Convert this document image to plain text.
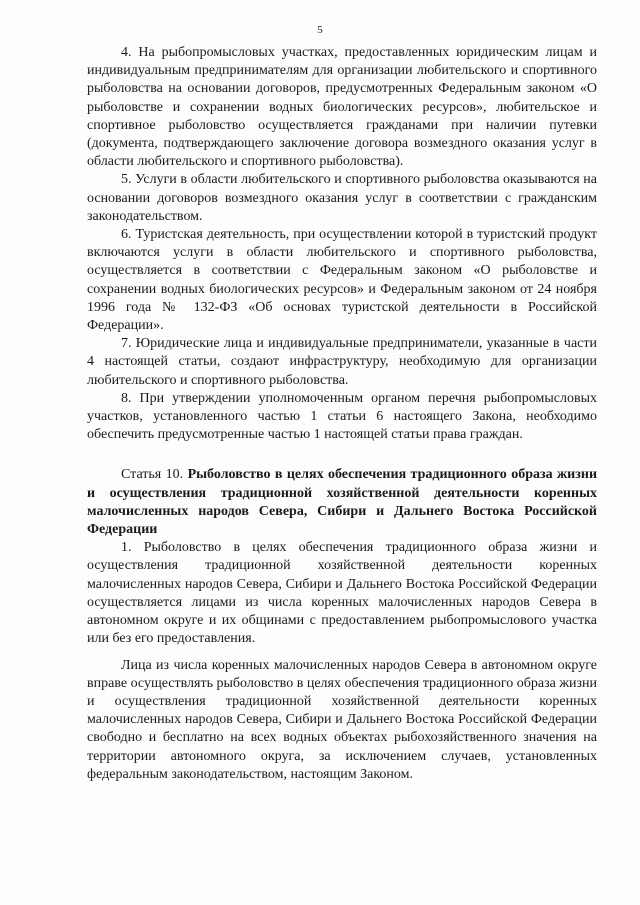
5

4. На рыбопромысловых участках, предоставленных юридическим лицам и индивидуальным предпринимателям для организации любительского и спортивного рыболовства на основании договоров, предусмотренных Федеральным законом «О рыболовстве и сохранении водных биологических ресурсов», любительское и спортивное рыболовство осуществляется гражданами при наличии путевки (документа, подтверждающего заключение договора возмездного оказания услуг в области любительского и спортивного рыболовства).

5. Услуги в области любительского и спортивного рыболовства оказываются на основании договоров возмездного оказания услуг в соответствии с гражданским законодательством.

6. Туристская деятельность, при осуществлении которой в туристский продукт включаются услуги в области любительского и спортивного рыболовства, осуществляется в соответствии с Федеральным законом «О рыболовстве и сохранении водных биологических ресурсов» и Федеральным законом от 24 ноября 1996 года № 132-ФЗ «Об основах туристской деятельности в Российской Федерации».

7. Юридические лица и индивидуальные предприниматели, указанные в части 4 настоящей статьи, создают инфраструктуру, необходимую для организации любительского и спортивного рыболовства.

8. При утверждении уполномоченным органом перечня рыбопромысловых участков, установленного частью 1 статьи 6 настоящего Закона, необходимо обеспечить предусмотренные частью 1 настоящей статьи права граждан.

Статья 10. Рыболовство в целях обеспечения традиционного образа жизни и осуществления традиционной хозяйственной деятельности коренных малочисленных народов Севера, Сибири и Дальнего Востока Российской Федерации

1. Рыболовство в целях обеспечения традиционного образа жизни и осуществления традиционной хозяйственной деятельности коренных малочисленных народов Севера, Сибири и Дальнего Востока Российской Федерации осуществляется лицами из числа коренных малочисленных народов Севера в автономном округе и их общинами с предоставлением рыбопромыслового участка или без его предоставления.

Лица из числа коренных малочисленных народов Севера в автономном округе вправе осуществлять рыболовство в целях обеспечения традиционного образа жизни и осуществления традиционной хозяйственной деятельности коренных малочисленных народов Севера, Сибири и Дальнего Востока Российской Федерации свободно и бесплатно на всех водных объектах рыбохозяйственного значения на территории автономного округа, за исключением случаев, установленных федеральным законодательством, настоящим Законом.
